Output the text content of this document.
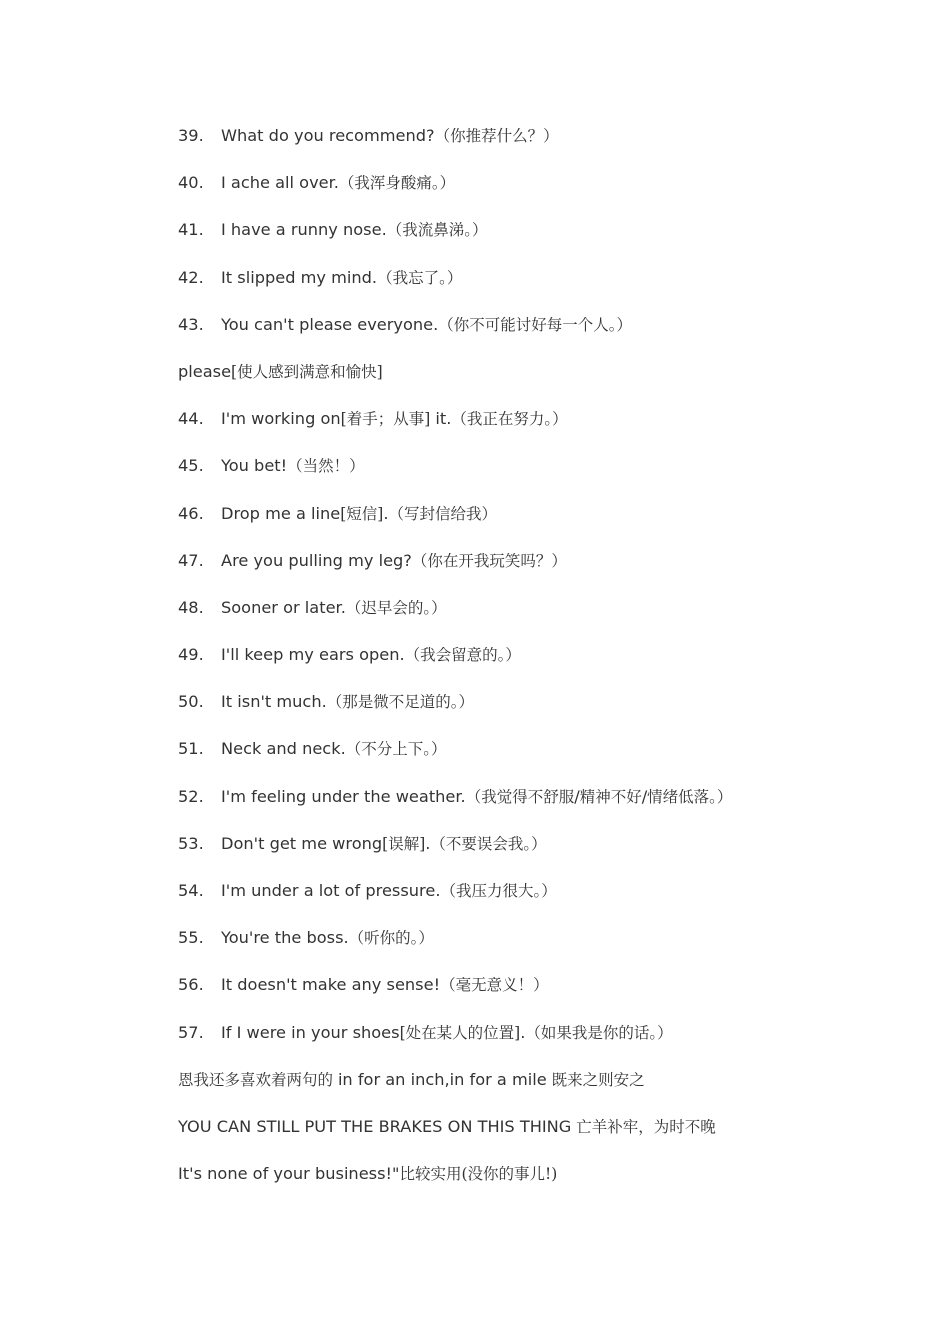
39. What do you recommend?（你推荐什么？）
40. I ache all over.（我浑身酸痛。）
41. I have a runny nose.（我流鼻涕。）
42. It slipped my mind.（我忘了。）
43. You can't please everyone.（你不可能讨好每一个人。）
please[使人感到满意和愉快]
44. I'm working on[着手；从事] it.（我正在努力。）
45. You bet!（当然！）
46. Drop me a line[短信].（写封信给我）
47. Are you pulling my leg?（你在开我玩笑吗？）
48. Sooner or later.（迟早会的。）
49. I'll keep my ears open.（我会留意的。）
50. It isn't much.（那是微不足道的。）
51. Neck and neck.（不分上下。）
52. I'm feeling under the weather.（我觉得不舒服/精神不好/情绪低落。）
53. Don't get me wrong[误解].（不要误会我。）
54. I'm under a lot of pressure.（我压力很大。）
55. You're the boss.（听你的。）
56. It doesn't make any sense!（毫无意义！）
57. If I were in your shoes[处在某人的位置].（如果我是你的话。）
恩我还多喜欢着两句的 in for an inch,in for a mile 既来之则安之
YOU CAN STILL PUT THE BRAKES ON THIS THING 亡羊补牢，为时不晚
It's none of your business!"比较实用(没你的事儿!)
